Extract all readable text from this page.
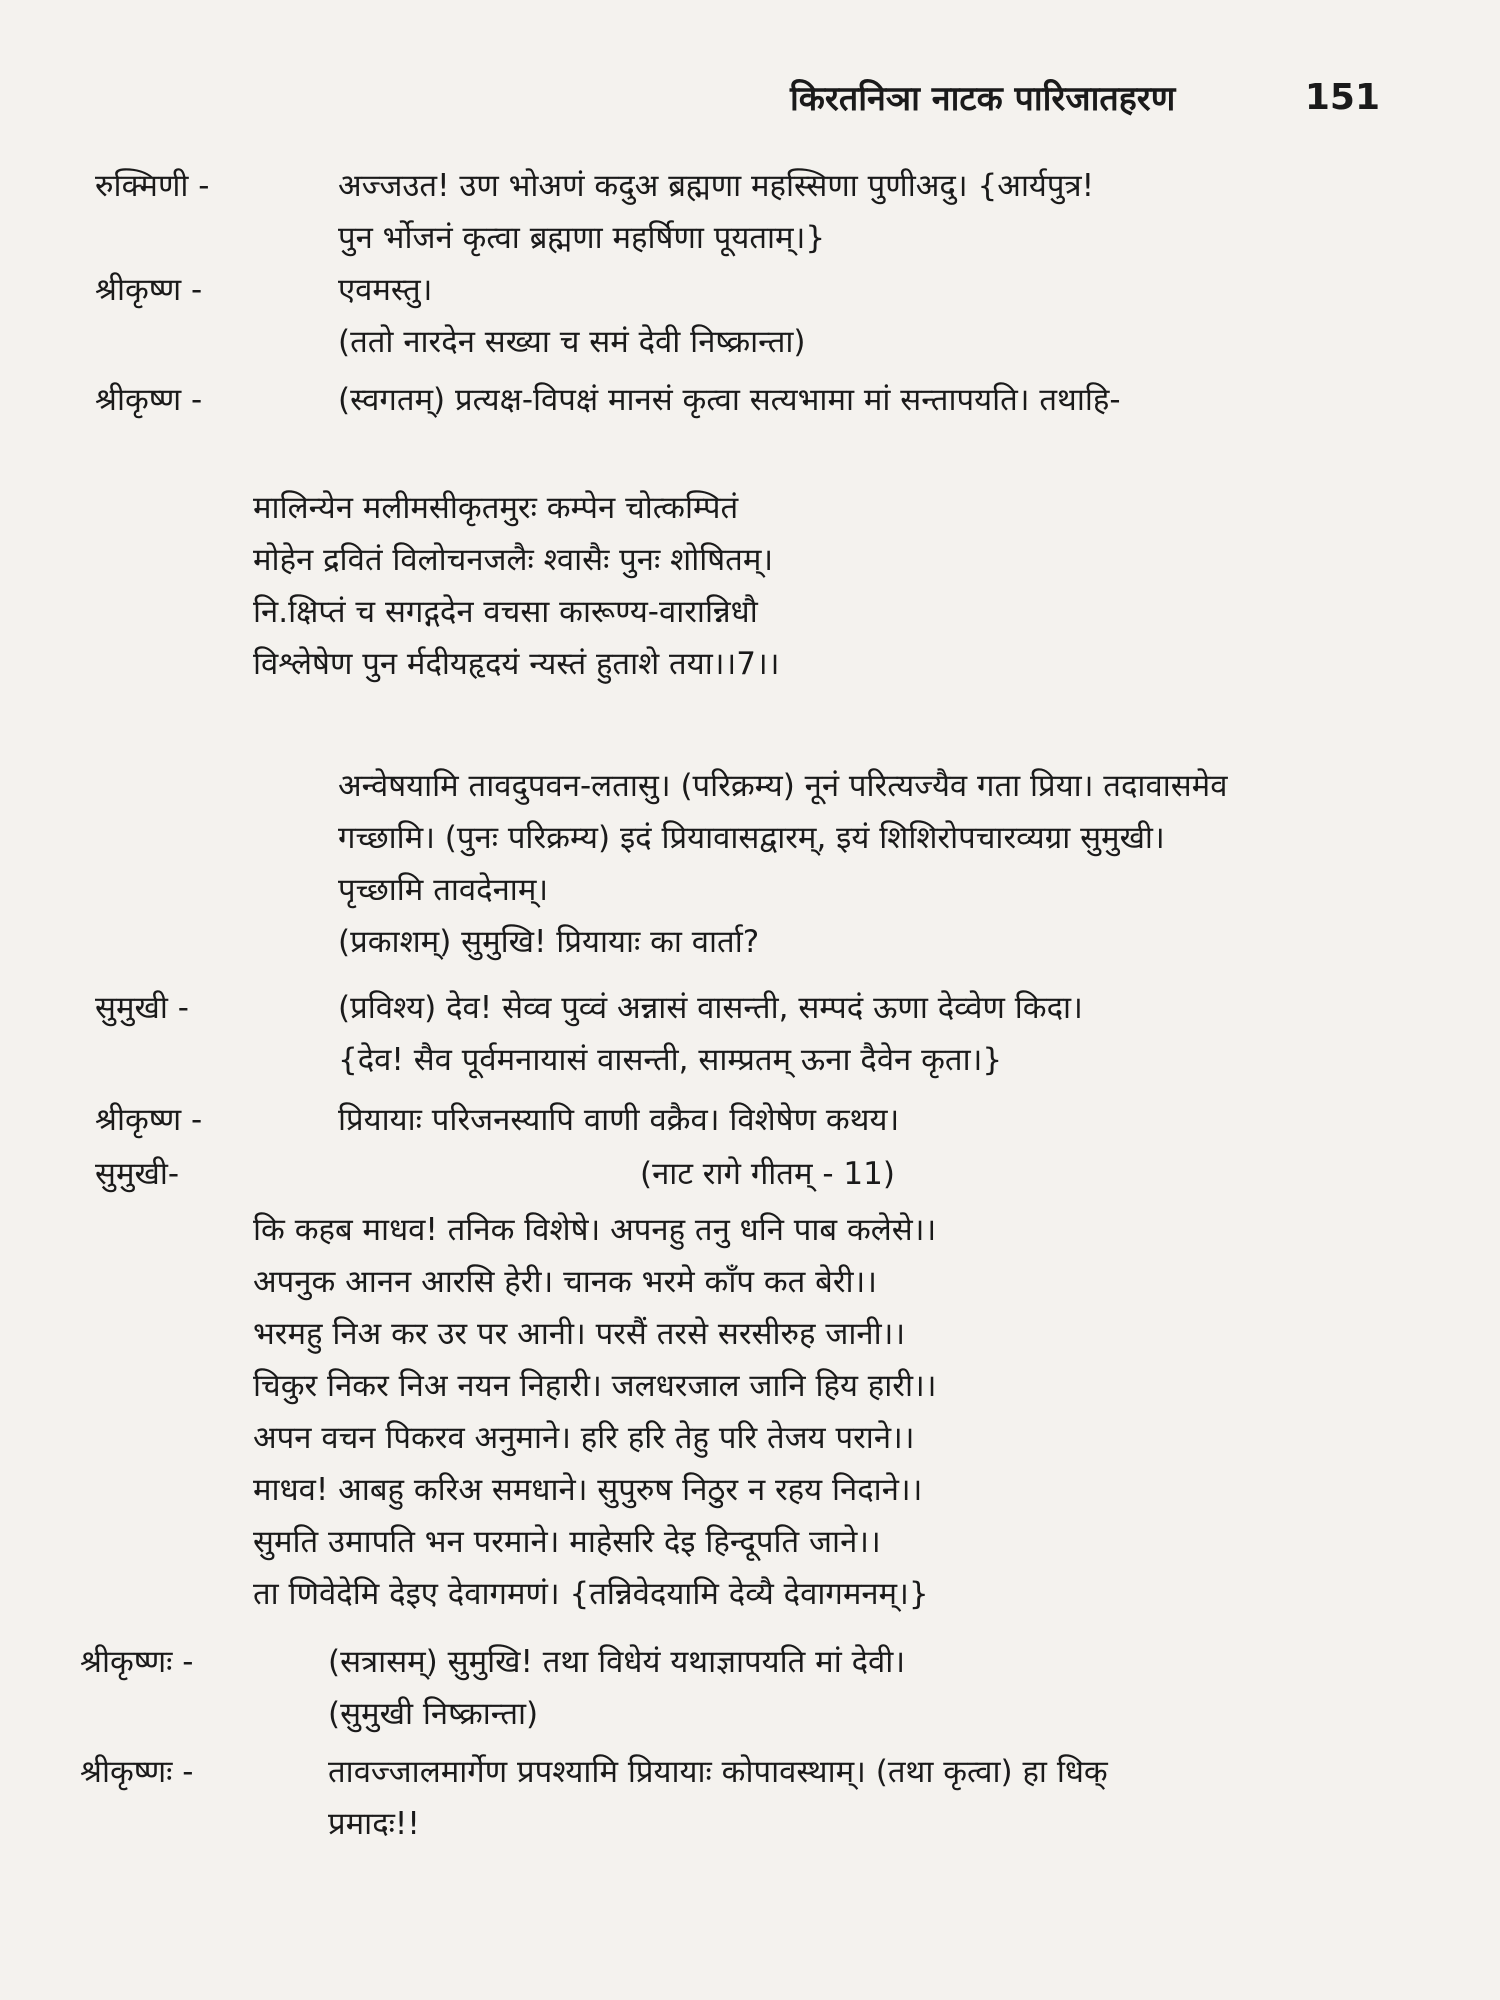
किरतनिञा नाटक पारिजातहरण	151
रुक्मिणी -	अज्जउत! उण भोअणं कदुअ ब्रह्मणा महस्सिणा पुणीअदु। {आर्यपुत्र!
पुन र्भोजनं कृत्वा ब्रह्मणा महर्षिणा पूयताम्।}
श्रीकृष्ण -	एवमस्तु।
(ततो नारदेन सख्या च समं देवी निष्क्रान्ता)
श्रीकृष्ण -	(स्वगतम्) प्रत्यक्ष-विपक्षं मानसं कृत्वा सत्यभामा मां सन्तापयति। तथाहि-
मालिन्येन मलीमसीकृतमुरः कम्पेन चोत्कम्पितं
मोहेन द्रवितं विलोचनजलैः श्वासैः पुनः शोषितम्।
नि.क्षिप्तं च सगद्गदेन वचसा कारूण्य-वारान्निधौ
विश्लेषेण पुन र्मदीयहृदयं न्यस्तं हुताशे तया।।7।।
अन्वेषयामि तावदुपवन-लतासु। (परिक्रम्य) नूनं परित्यज्यैव गता प्रिया। तदावासमेव
गच्छामि। (पुनः परिक्रम्य) इदं प्रियावासद्वारम्, इयं शिशिरोपचारव्यग्रा सुमुखी।
पृच्छामि तावदेनाम्।
(प्रकाशम्) सुमुखि! प्रियायाः का वार्ता?
सुमुखी -	(प्रविश्य) देव! सेव्व पुव्वं अन्नासं वासन्ती, सम्पदं ऊणा देव्वेण किदा।
{देव! सैव पूर्वमनायासं वासन्ती, साम्प्रतम् ऊना दैवेन कृता।}
श्रीकृष्ण -	प्रियायाः परिजनस्यापि वाणी वक्रैव। विशेषेण कथय।
सुमुखी-	(नाट रागे गीतम् - 11)
कि कहब माधव! तनिक विशेषे। अपनहु तनु धनि पाब कलेसे।।
अपनुक आनन आरसि हेरी। चानक भरमे काँप कत बेरी।।
भरमहु निअ कर उर पर आनी। परसैं तरसे सरसीरुह जानी।।
चिकुर निकर निअ नयन निहारी। जलधरजाल जानि हिय हारी।।
अपन वचन पिकरव अनुमाने। हरि हरि तेहु परि तेजय पराने।।
माधव! आबहु करिअ समधाने। सुपुरुष निठुर न रहय निदाने।।
सुमति उमापति भन परमाने। माहेसरि देइ हिन्दूपति जाने।।
ता णिवेदेमि देइए देवागमणं। {तन्निवेदयामि देव्यै देवागमनम्।}
श्रीकृष्णः -	(सत्रासम्) सुमुखि! तथा विधेयं यथाज्ञापयति मां देवी।
(सुमुखी निष्क्रान्ता)
श्रीकृष्णः -	तावज्जालमार्गेण प्रपश्यामि प्रियायाः कोपावस्थाम्। (तथा कृत्वा) हा धिक्
प्रमादः!!
